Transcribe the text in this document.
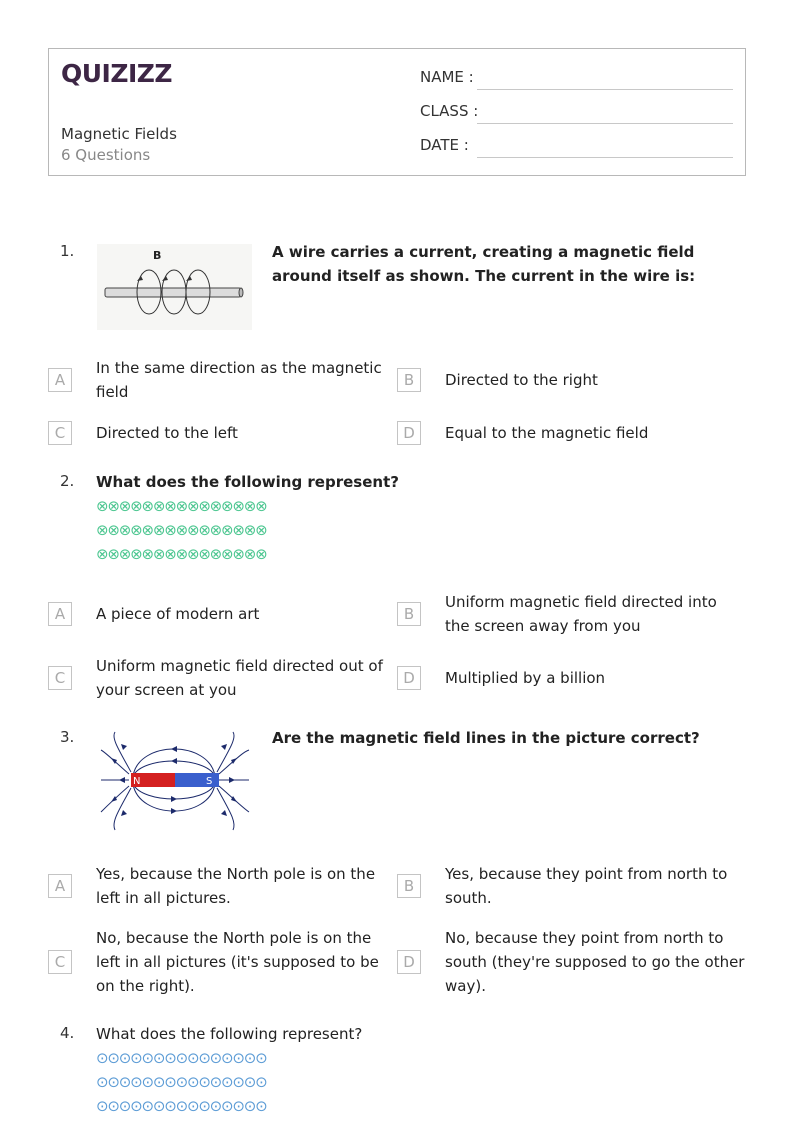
QUIZIZZ
Magnetic Fields
6 Questions
NAME :
CLASS :
DATE :
1.	B	A wire carries a current, creating a magnetic field around itself as shown. The current in the wire is:
A
In the same direction as the magnetic field
B	Directed to the right
C	Directed to the left	D	Equal to the magnetic field
2. What does the following represent?
⊗⊗⊗⊗⊗⊗⊗⊗⊗⊗⊗⊗⊗⊗⊗
⊗⊗⊗⊗⊗⊗⊗⊗⊗⊗⊗⊗⊗⊗⊗
⊗⊗⊗⊗⊗⊗⊗⊗⊗⊗⊗⊗⊗⊗⊗
A	A piece of modern art	B
Uniform magnetic field directed into the screen away from you
C
Uniform magnetic field directed out of your screen at you
D	Multiplied by a billion
3.
N	S
Are the magnetic field lines in the picture correct?
A
Yes, because the North pole is on the left in all pictures.
B
Yes, because they point from north to south.
C
No, because the North pole is on the left in all pictures (it's supposed to be on the right).
D
No, because they point from north to south (they're supposed to go the other way).
4. What does the following represent?
⊙⊙⊙⊙⊙⊙⊙⊙⊙⊙⊙⊙⊙⊙⊙
⊙⊙⊙⊙⊙⊙⊙⊙⊙⊙⊙⊙⊙⊙⊙
⊙⊙⊙⊙⊙⊙⊙⊙⊙⊙⊙⊙⊙⊙⊙
